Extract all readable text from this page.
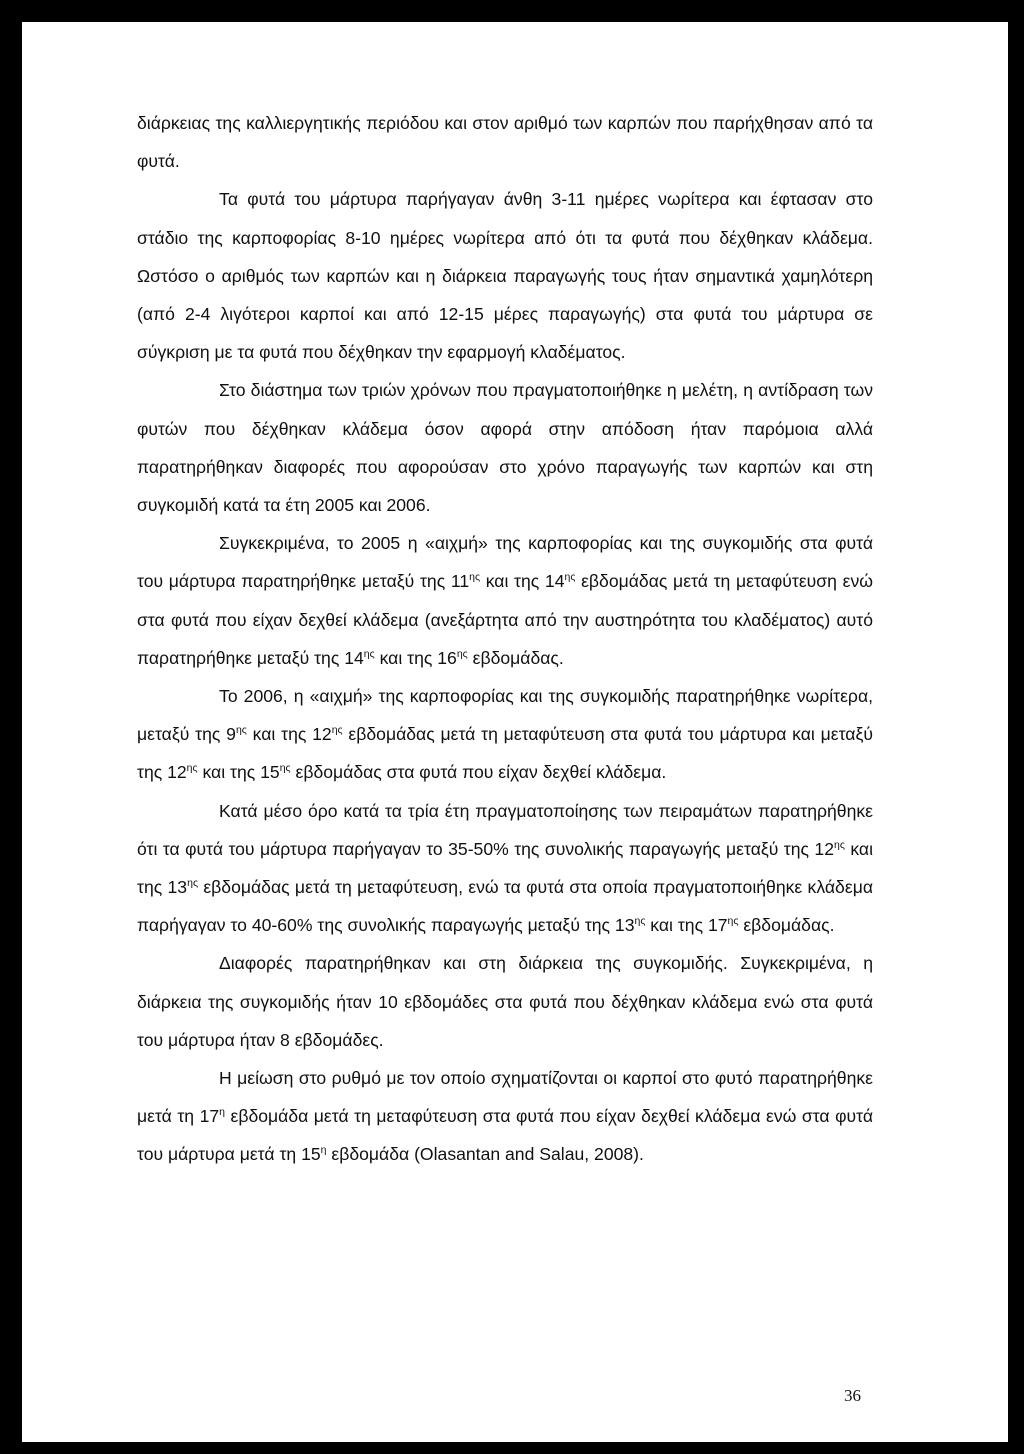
διάρκειας της καλλιεργητικής περιόδου και στον αριθμό των καρπών που παρήχθησαν από τα φυτά.

Τα φυτά του μάρτυρα παρήγαγαν άνθη 3-11 ημέρες νωρίτερα και έφτασαν στο στάδιο της καρποφορίας 8-10 ημέρες νωρίτερα από ότι τα φυτά που δέχθηκαν κλάδεμα. Ωστόσο ο αριθμός των καρπών και η διάρκεια παραγωγής τους ήταν σημαντικά χαμηλότερη (από 2-4 λιγότεροι καρποί και από 12-15 μέρες παραγωγής) στα φυτά του μάρτυρα σε σύγκριση με τα φυτά που δέχθηκαν την εφαρμογή κλαδέματος.

Στο διάστημα των τριών χρόνων που πραγματοποιήθηκε η μελέτη, η αντίδραση των φυτών που δέχθηκαν κλάδεμα όσον αφορά στην απόδοση ήταν παρόμοια αλλά παρατηρήθηκαν διαφορές που αφορούσαν στο χρόνο παραγωγής των καρπών και στη συγκομιδή κατά τα έτη 2005 και 2006.

Συγκεκριμένα, το 2005 η «αιχμή» της καρποφορίας και της συγκομιδής στα φυτά του μάρτυρα παρατηρήθηκε μεταξύ της $11^{\eta\varsigma}$ και της $14^{\eta\varsigma}$ εβδομάδας μετά τη μεταφύτευση ενώ στα φυτά που είχαν δεχθεί κλάδεμα (ανεξάρτητα από την αυστηρότητα του κλαδέματος) αυτό παρατηρήθηκε μεταξύ της $14^{\eta\varsigma}$ και της $16^{\eta\varsigma}$ εβδομάδας.

Το 2006, η «αιχμή» της καρποφορίας και της συγκομιδής παρατηρήθηκε νωρίτερα, μεταξύ της $9^{\eta\varsigma}$ και της $12^{\eta\varsigma}$ εβδομάδας μετά τη μεταφύτευση στα φυτά του μάρτυρα και μεταξύ της $12^{\eta\varsigma}$ και της $15^{\eta\varsigma}$ εβδομάδας στα φυτά που είχαν δεχθεί κλάδεμα.

Κατά μέσο όρο κατά τα τρία έτη πραγματοποίησης των πειραμάτων παρατηρήθηκε ότι τα φυτά του μάρτυρα παρήγαγαν το 35-50% της συνολικής παραγωγής μεταξύ της $12^{\eta\varsigma}$ και της $13^{\eta\varsigma}$ εβδομάδας μετά τη μεταφύτευση, ενώ τα φυτά στα οποία πραγματοποιήθηκε κλάδεμα παρήγαγαν το 40-60% της συνολικής παραγωγής μεταξύ της $13^{\eta\varsigma}$ και της $17^{\eta\varsigma}$ εβδομάδας.

Διαφορές παρατηρήθηκαν και στη διάρκεια της συγκομιδής. Συγκεκριμένα, η διάρκεια της συγκομιδής ήταν 10 εβδομάδες στα φυτά που δέχθηκαν κλάδεμα ενώ στα φυτά του μάρτυρα ήταν 8 εβδομάδες.

Η μείωση στο ρυθμό με τον οποίο σχηματίζονται οι καρποί στο φυτό παρατηρήθηκε μετά τη $17^\eta$ εβδομάδα μετά τη μεταφύτευση στα φυτά που είχαν δεχθεί κλάδεμα ενώ στα φυτά του μάρτυρα μετά τη $15^\eta$ εβδομάδα (Olasantan and Salau, 2008).

36
